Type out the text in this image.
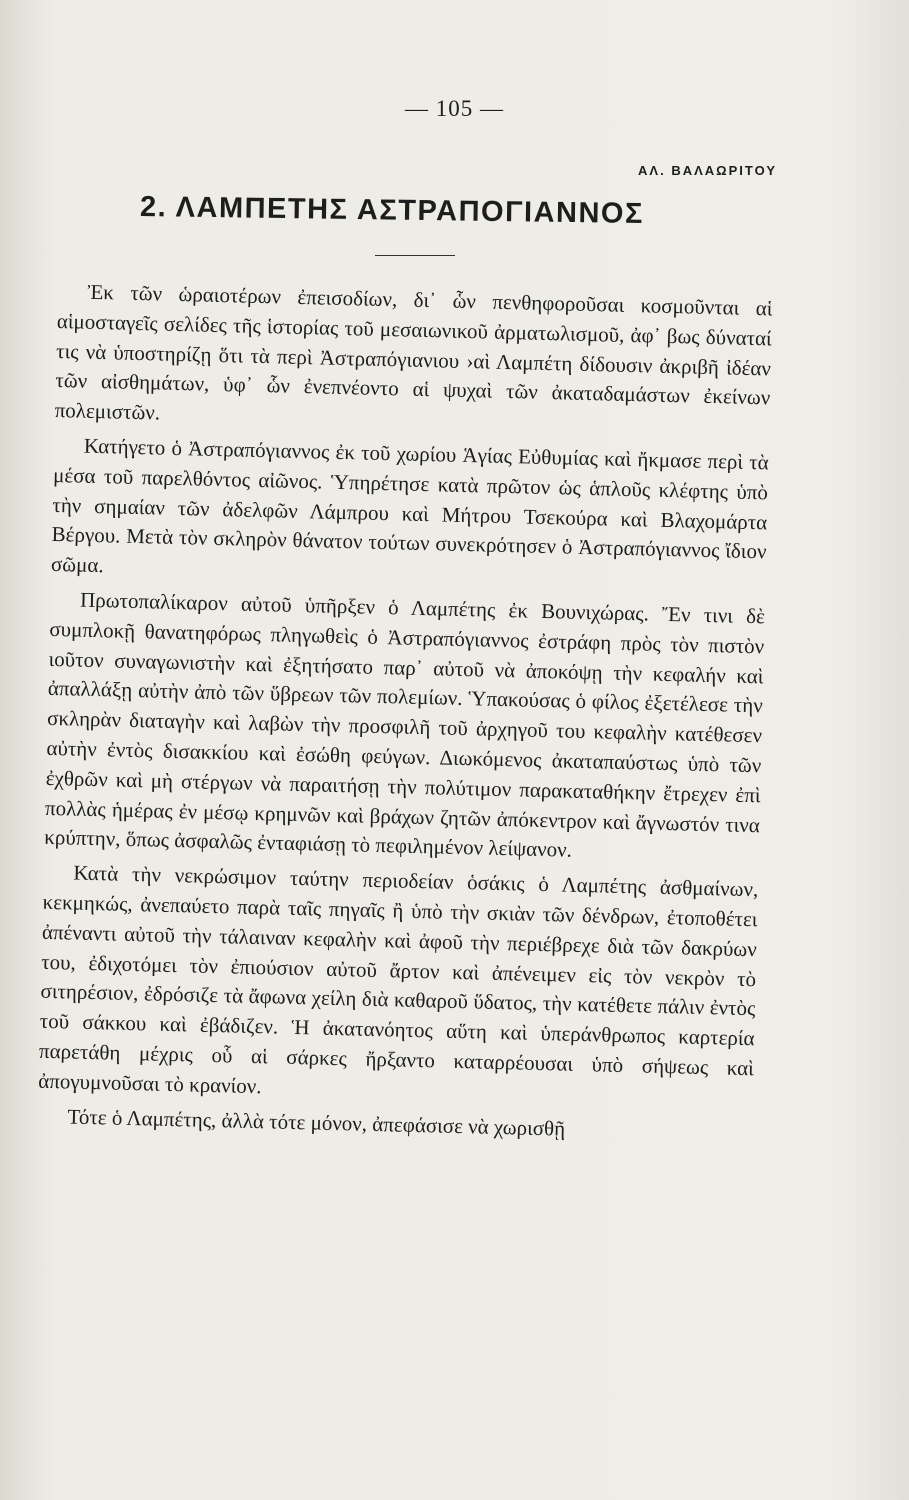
— 105 —
ΑΛ. ΒΑΛΑΩΡΙΤΟΥ
2. ΛΑΜΠΕΤΗΣ ΑΣΤΡΑΠΟΓΙΑΝΝΟΣ

Ἐκ τῶν ὡραιοτέρων ἐπεισοδίων, δι᾽ ὧν πενθηφοροῦσαι κοσμοῦνται αἱ αἱμοσταγεῖς σελίδες τῆς ἱστορίας τοῦ μεσαιωνικοῦ ἀρματωλισμοῦ, ἀφ᾽ βως δύναταί τις νὰ ὑποστηρίζῃ ὅτι τὰ περὶ Ἀστραπόγιανιου ›αὶ Λαμπέτη δίδουσιν ἀκριβῆ ἰδέαν τῶν αἰσθημάτων, ὑφ᾽ ὧν ἐνεπνέοντο αἱ ψυχαὶ τῶν ἀκαταδαμάστων ἐκείνων πολεμιστῶν.

Κατήγετο ὁ Ἀστραπόγιαννος ἐκ τοῦ χωρίου Ἁγίας Εὐθυμίας καὶ ἤκμασε περὶ τὰ μέσα τοῦ παρελθόντος αἰῶνος. Ὑπηρέτησε κατὰ πρῶτον ὡς ἁπλοῦς κλέφτης ὑπὸ τὴν σημαίαν τῶν ἀδελφῶν Λάμπρου καὶ Μήτρου Τσεκούρα καὶ Βλαχομάρτα Βέργου. Μετὰ τὸν σκληρὸν θάνατον τούτων συνεκρότησεν ὁ Ἀστραπόγιαννος ἴδιον σῶμα.

Πρωτοπαλίκαρον αὐτοῦ ὑπῆρξεν ὁ Λαμπέτης ἐκ Βουνιχώρας. Ἔν τινι δὲ συμπλοκῇ θανατηφόρως πληγωθεὶς ὁ Ἀστραπόγιαννος ἐστράφη πρὸς τὸν πιστὸν ιοῦτον συναγωνιστὴν καὶ ἐξητήσατο παρ᾽ αὐτοῦ νὰ ἀποκόψῃ τὴν κεφαλήν καὶ ἀπαλλάξῃ αὐτὴν ἀπὸ τῶν ὕβρεων τῶν πολεμίων. Ὑπακούσας ὁ φίλος ἐξετέλεσε τὴν σκληρὰν διαταγὴν καὶ λαβὼν τὴν προσφιλῆ τοῦ ἀρχηγοῦ του κεφαλὴν κατέθεσεν αὐτὴν ἐντὸς δισακκίου καὶ ἐσώθη φεύγων. Διωκόμενος ἀκαταπαύστως ὑπὸ τῶν ἐχθρῶν καὶ μὴ στέργων νὰ παραιτήσῃ τὴν πολύτιμον παρακαταθήκην ἔτρεχεν ἐπὶ πολλὰς ἡμέρας ἐν μέσῳ κρημνῶν καὶ βράχων ζητῶν ἀπόκεντρον καὶ ἄγνωστόν τινα κρύπτην, ὅπως ἀσφαλῶς ἐνταφιάσῃ τὸ πεφιλημένον λείψανον.

Κατὰ τὴν νεκρώσιμον ταύτην περιοδείαν ὁσάκις ὁ Λαμπέτης ἀσθμαίνων, κεκμηκώς, ἀνεπαύετο παρὰ ταῖς πηγαῖς ἢ ὑπὸ τὴν σκιὰν τῶν δένδρων, ἐτοποθέτει ἀπέναντι αὐτοῦ τὴν τάλαιναν κεφαλὴν καὶ ἀφοῦ τὴν περιέβρεχε διὰ τῶν δακρύων του, ἐδιχοτόμει τὸν ἐπιούσιον αὐτοῦ ἄρτον καὶ ἀπένειμεν εἰς τὸν νεκρὸν τὸ σιτηρέσιον, ἐδρόσιζε τὰ ἄφωνα χείλη διὰ καθαροῦ ὕδατος, τὴν κατέθετε πάλιν ἐντὸς τοῦ σάκκου καὶ ἐβάδιζεν. Ἡ ἀκατανόητος αὕτη καὶ ὑπεράνθρωπος καρτερία παρετάθη μέχρις οὗ αἱ σάρκες ἤρξαντο καταρρέουσαι ὑπὸ σήψεως καὶ ἀπογυμνοῦσαι τὸ κρανίον.

Τότε ὁ Λαμπέτης, ἀλλὰ τότε μόνον, ἀπεφάσισε νὰ χωρισθῇ
